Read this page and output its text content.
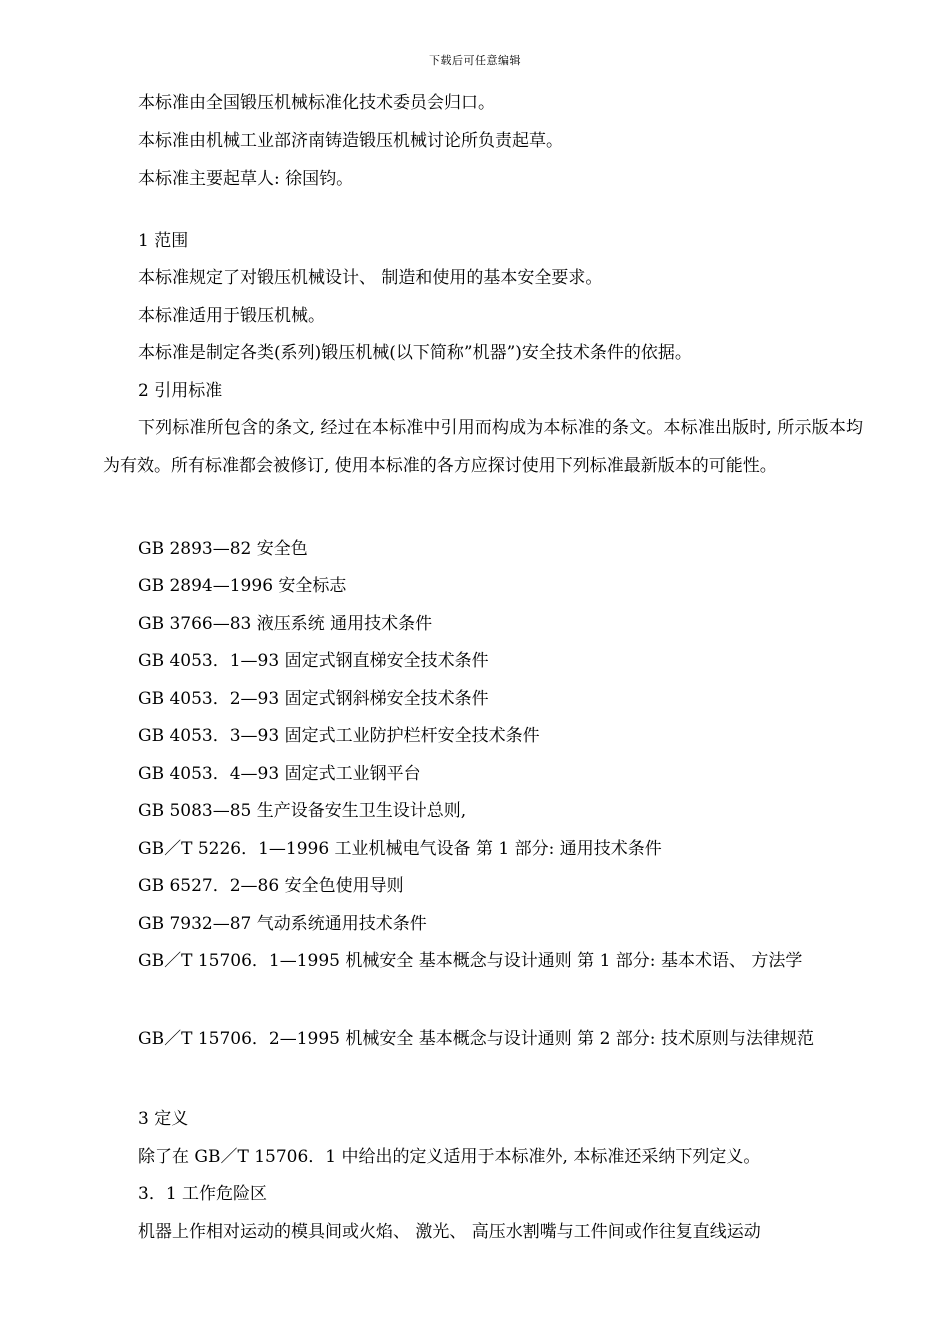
下载后可任意编辑
本标准由全国锻压机械标准化技术委员会归口。
本标准由机械工业部济南铸造锻压机械讨论所负责起草。
本标准主要起草人: 徐国钧。
1 范围
本标准规定了对锻压机械设计、 制造和使用的基本安全要求。
本标准适用于锻压机械。
本标准是制定各类(系列)锻压机械(以下简称”机器”)安全技术条件的依据。
2 引用标准
下列标准所包含的条文, 经过在本标准中引用而构成为本标准的条文。本标准出版时, 所示版本均为有效。所有标准都会被修订, 使用本标准的各方应探讨使用下列标准最新版本的可能性。
GB 2893—82 安全色
GB 2894—1996 安全标志
GB 3766—83 液压系统 通用技术条件
GB 4053．1—93 固定式钢直梯安全技术条件
GB 4053．2—93 固定式钢斜梯安全技术条件
GB 4053．3—93 固定式工业防护栏杆安全技术条件
GB 4053．4—93 固定式工业钢平台
GB 5083—85 生产设备安生卫生设计总则,
GB／T 5226．1—1996 工业机械电气设备 第 1 部分: 通用技术条件
GB 6527．2—86 安全色使用导则
GB 7932—87 气动系统通用技术条件
GB／T 15706．1—1995 机械安全 基本概念与设计通则 第 1 部分: 基本术语、 方法学
GB／T 15706．2—1995 机械安全 基本概念与设计通则 第 2 部分: 技术原则与法律规范
3 定义
除了在 GB／T 15706．1 中给出的定义适用于本标准外, 本标准还采纳下列定义。
3．1 工作危险区
机器上作相对运动的模具间或火焰、 激光、 高压水割嘴与工件间或作往复直线运动
